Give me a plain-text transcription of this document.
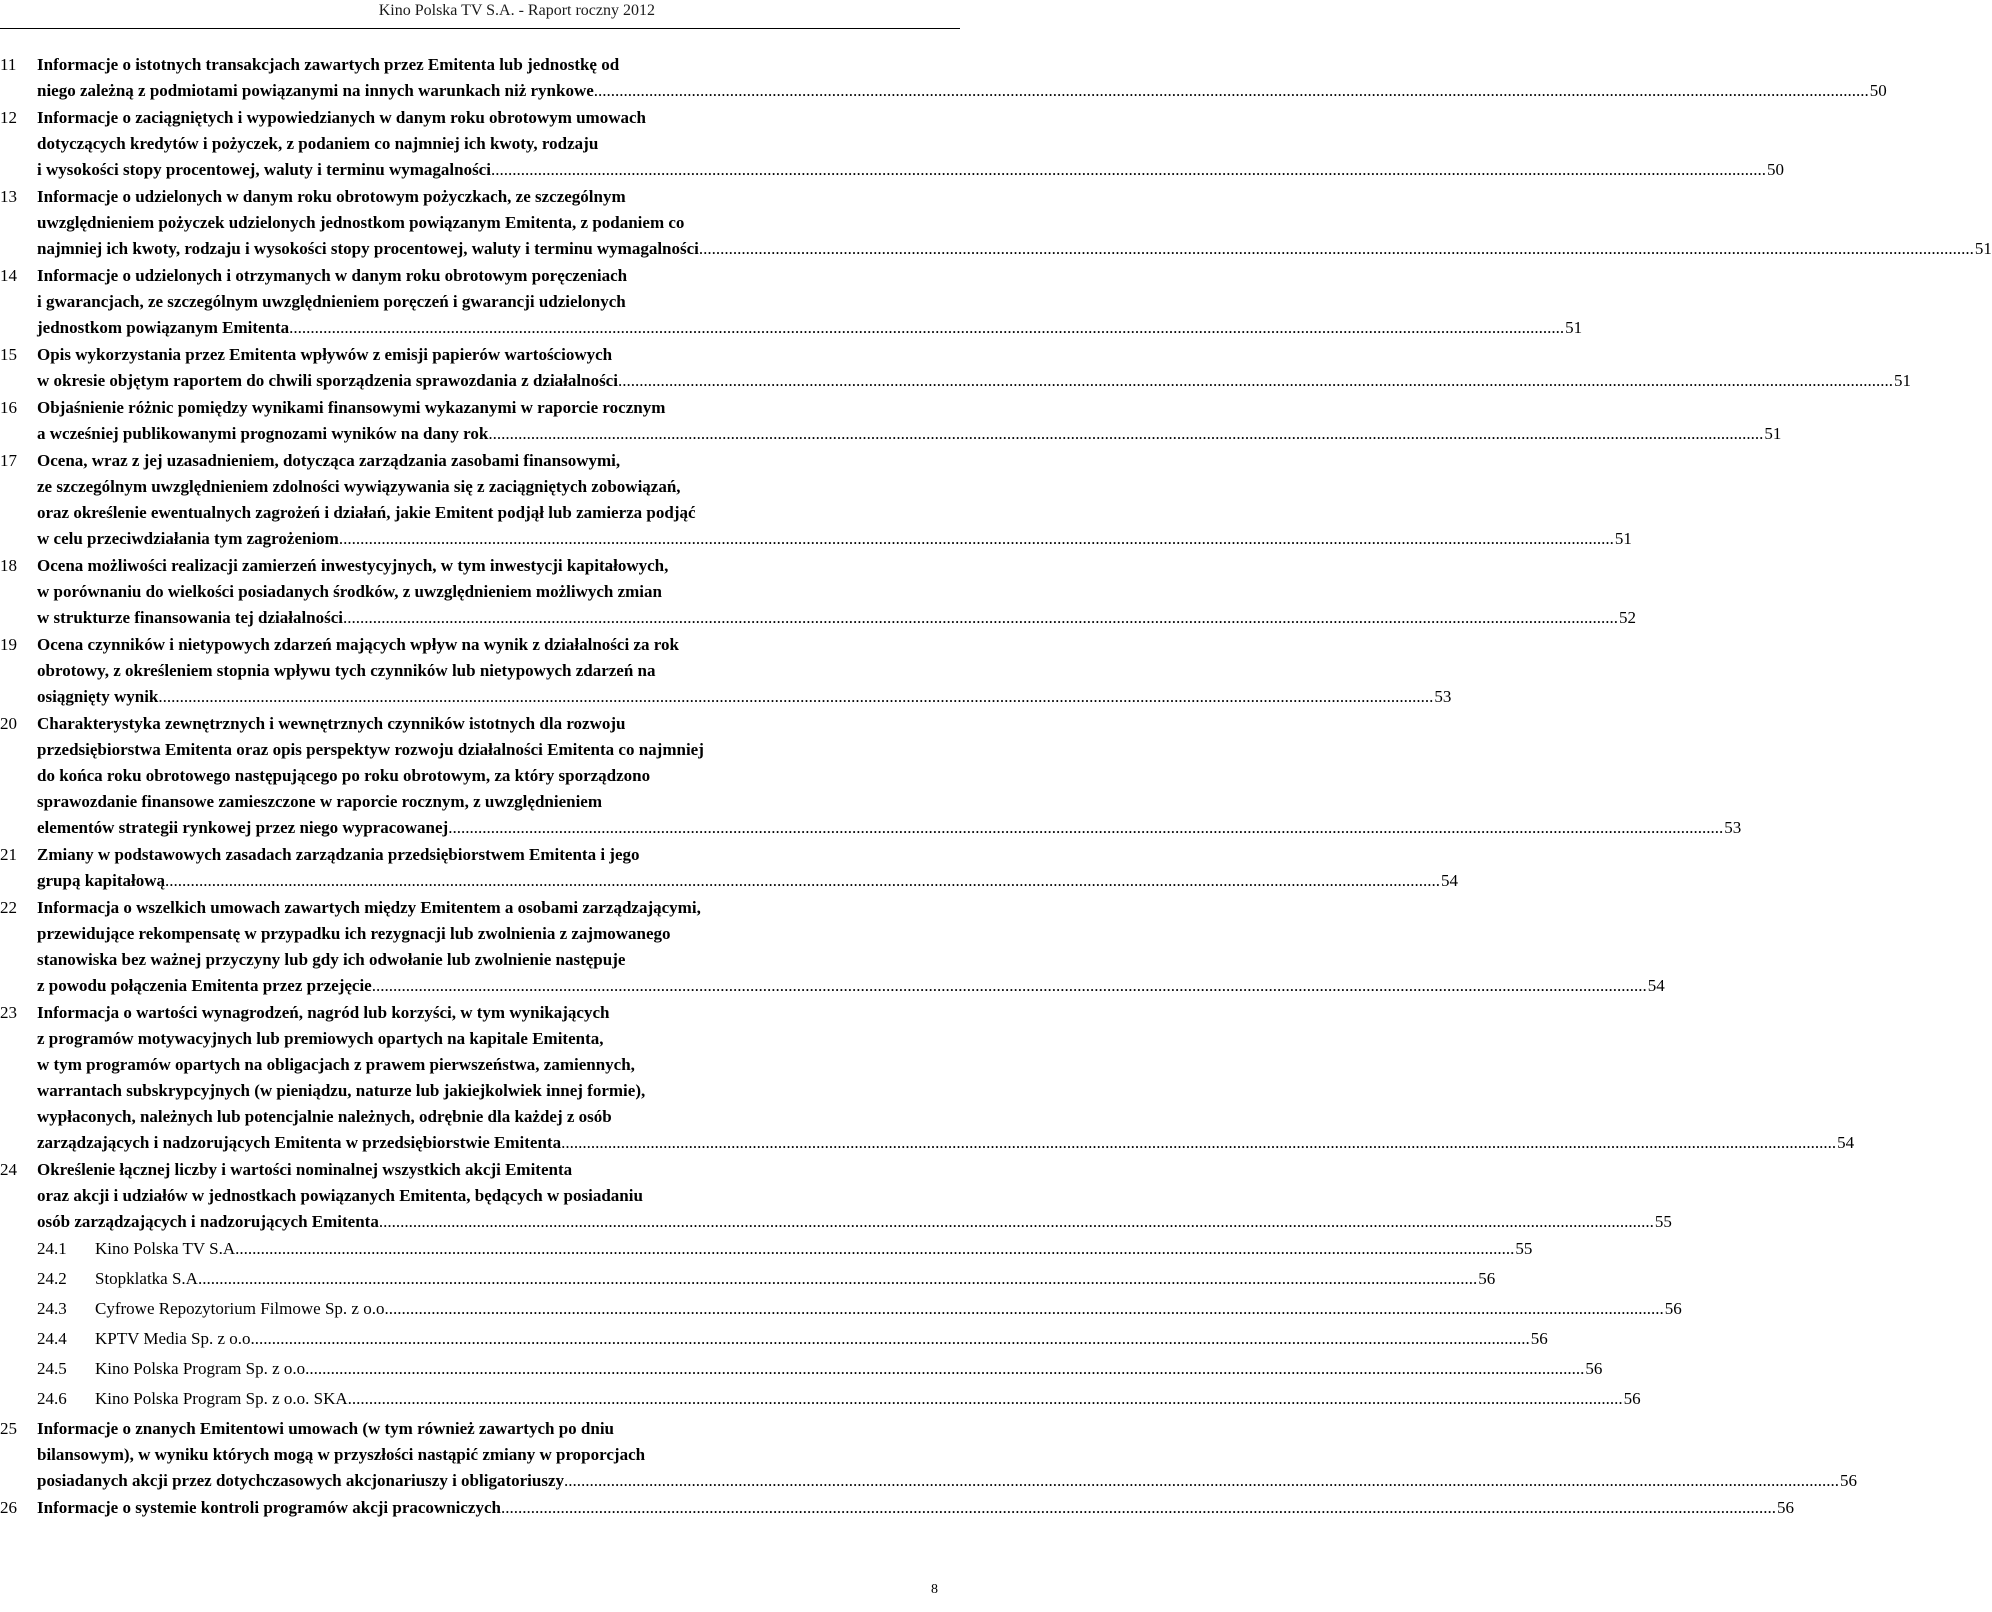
Kino Polska TV S.A. - Raport roczny 2012
11	Informacje o istotnych transakcjach zawartych przez Emitenta lub jednostkę od
niego zależną z podmiotami powiązanymi na innych warunkach niż rynkowe .....	50
12	Informacje o zaciągniętych i wypowiedzianych w danym roku obrotowym umowach
dotyczących kredytów i pożyczek, z podaniem co najmniej ich kwoty, rodzaju
i wysokości stopy procentowej, waluty i terminu wymagalności .....	50
13	Informacje o udzielonych w danym roku obrotowym pożyczkach, ze szczególnym
uwzględnieniem pożyczek udzielonych jednostkom powiązanym Emitenta, z podaniem co
najmniej ich kwoty, rodzaju i wysokości stopy procentowej, waluty i terminu wymagalności .....	51
14	Informacje o udzielonych i otrzymanych w danym roku obrotowym poręczeniach
i gwarancjach, ze szczególnym uwzględnieniem poręczeń i gwarancji udzielonych
jednostkom powiązanym Emitenta .....	51
15	Opis wykorzystania przez Emitenta wpływów z emisji papierów wartościowych
w okresie objętym raportem do chwili sporządzenia sprawozdania z działalności .....	51
16	Objaśnienie różnic pomiędzy wynikami finansowymi wykazanymi w raporcie rocznym
a wcześniej publikowanymi prognozami wyników na dany rok .....	51
17	Ocena, wraz z jej uzasadnieniem, dotycząca zarządzania zasobami finansowymi,
ze szczególnym uwzględnieniem zdolności wywiązywania się z zaciągniętych zobowiązań,
oraz określenie ewentualnych zagrożeń i działań, jakie Emitent podjął lub zamierza podjąć
w celu przeciwdziałania tym zagrożeniom .....	51
18	Ocena możliwości realizacji zamierzeń inwestycyjnych, w tym inwestycji kapitałowych,
w porównaniu do wielkości posiadanych środków, z uwzględnieniem możliwych zmian
w strukturze finansowania tej działalności .....	52
19	Ocena czynników i nietypowych zdarzeń mających wpływ na wynik z działalności za rok
obrotowy, z określeniem stopnia wpływu tych czynników lub nietypowych zdarzeń na
osiągnięty wynik .....	53
20	Charakterystyka zewnętrznych i wewnętrznych czynników istotnych dla rozwoju
przedsiębiorstwa Emitenta oraz opis perspektyw rozwoju działalności Emitenta co najmniej
do końca roku obrotowego następującego po roku obrotowym, za który sporządzono
sprawozdanie finansowe zamieszczone w raporcie rocznym, z uwzględnieniem
elementów strategii rynkowej przez niego wypracowanej .....	53
21	Zmiany w podstawowych zasadach zarządzania przedsiębiorstwem Emitenta i jego
grupą kapitałową .....	54
22	Informacja o wszelkich umowach zawartych między Emitentem a osobami zarządzającymi,
przewidujące rekompensatę w przypadku ich rezygnacji lub zwolnienia z zajmowanego
stanowiska bez ważnej przyczyny lub gdy ich odwołanie lub zwolnienie następuje
z powodu połączenia Emitenta przez przejęcie .....	54
23	Informacja o wartości wynagrodzeń, nagród lub korzyści, w tym wynikających
z programów motywacyjnych lub premiowych opartych na kapitale Emitenta,
w tym programów opartych na obligacjach z prawem pierwszeństwa, zamiennych,
warrantach subskrypcyjnych (w pieniądzu, naturze lub jakiejkolwiek innej formie),
wypłaconych, należnych lub potencjalnie należnych, odrębnie dla każdej z osób
zarządzających i nadzorujących Emitenta w przedsiębiorstwie Emitenta .....	54
24	Określenie łącznej liczby i wartości nominalnej wszystkich akcji Emitenta
oraz akcji i udziałów w jednostkach powiązanych Emitenta, będących w posiadaniu
osób zarządzających i nadzorujących Emitenta .....	55
24.1	Kino Polska TV S.A. .....	55
24.2	Stopklatka S.A. .....	56
24.3	Cyfrowe Repozytorium Filmowe Sp. z o.o. .....	56
24.4	KPTV Media Sp. z o.o. .....	56
24.5	Kino Polska Program Sp. z o.o. .....	56
24.6	Kino Polska Program Sp. z o.o. SKA .....	56
25	Informacje o znanych Emitentowi umowach (w tym również zawartych po dniu
bilansowym), w wyniku których mogą w przyszłości nastąpić zmiany w proporcjach
posiadanych akcji przez dotychczasowych akcjonariuszy i obligatoriuszy .....	56
26	Informacje o systemie kontroli programów akcji pracowniczych .....	56
8
